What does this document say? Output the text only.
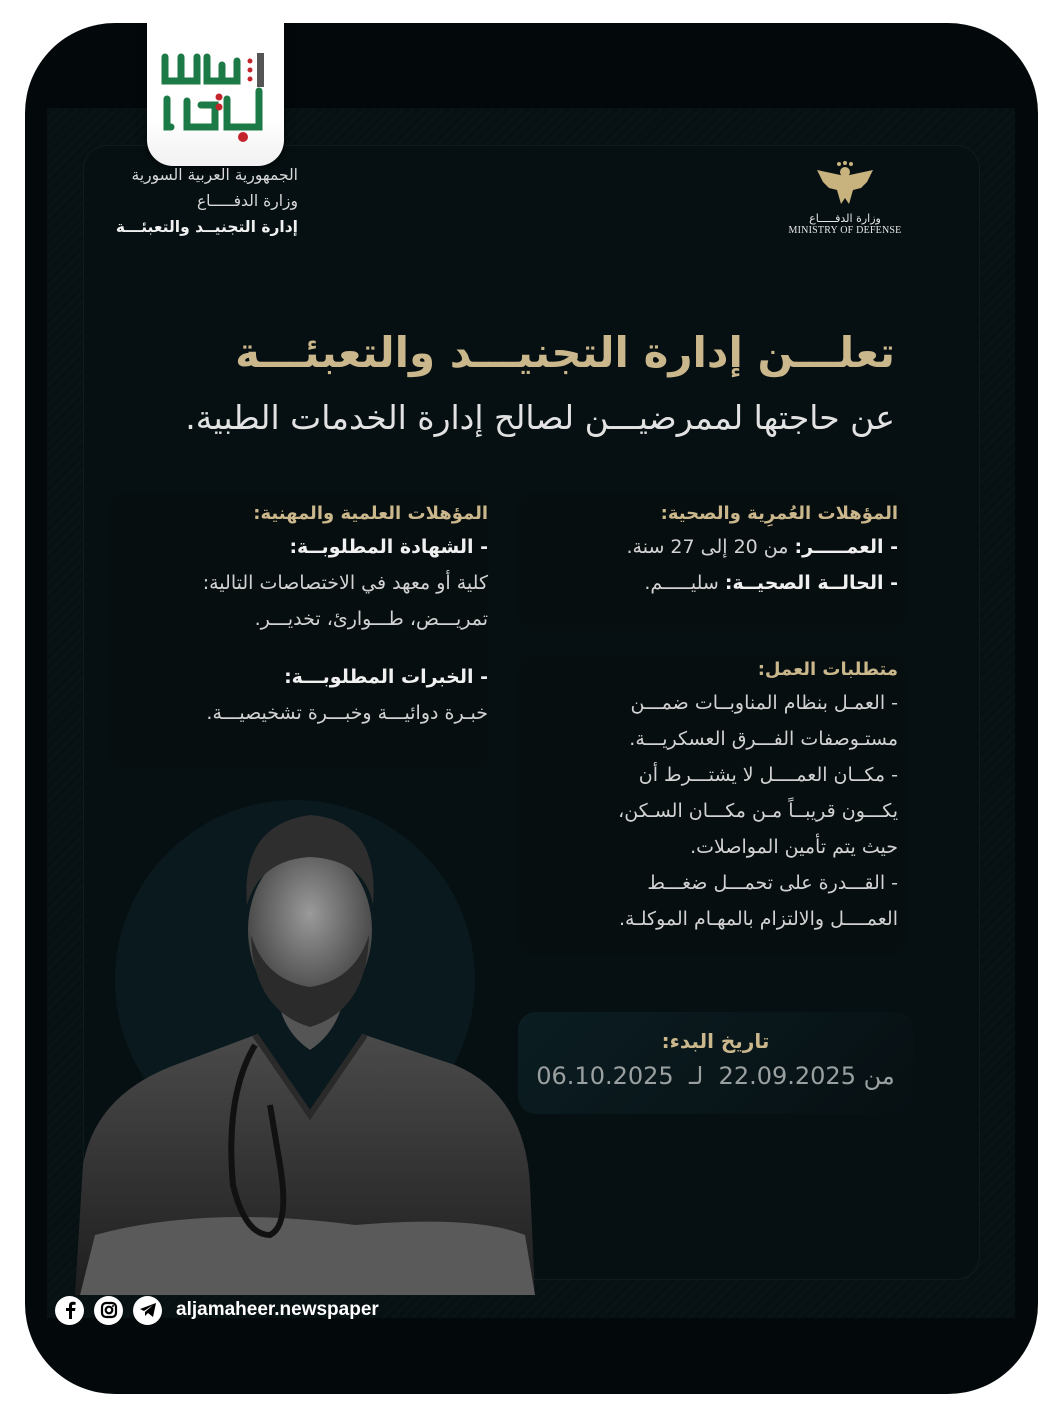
الجمهورية العربية السورية
وزارة الدفـــــاع
إدارة التجنيــد والتعبئـــة	وزارة الدفـــــاع
MINISTRY OF DEFENSE
تعلـــن إدارة التجنيـــد والتعبئـــة
عن حاجتها لممرضيـــن لصالح إدارة الخدمات الطبية.
المؤهلات العُمرِية والصحية:
- العمـــــر: من 20 إلى 27 سنة.
- الحالــة الصحيــة: سليـــــم.
المؤهلات العلمية والمهنية:
- الشهادة المطلوبــة:
كلية أو معهد في الاختصاصات التالية:
تمريـــض، طـــوارئ، تخديـــر.
- الخبرات المطلوبـــة:
خبـرة دوائيـــة وخبـــرة تشخيصيـــة.
متطلبات العمل:
- العمـل بنظام المناوبــات ضمـــن
مستـوصفات الفـــرق العسكريـــة.
- مكــان العمــــل لا يشتـــرط أن
يكـــون قريبــاً مـن مكـــان السـكن،
حيث يتم تأمين المواصلات.
- القـــدرة على تحمـــل ضغـــط
العمــــل والالتزام بالمهـام الموكلـة.
تاريخ البدء:
من 22.09.2025  لـ  06.10.2025
aljamaheer.newspaper
